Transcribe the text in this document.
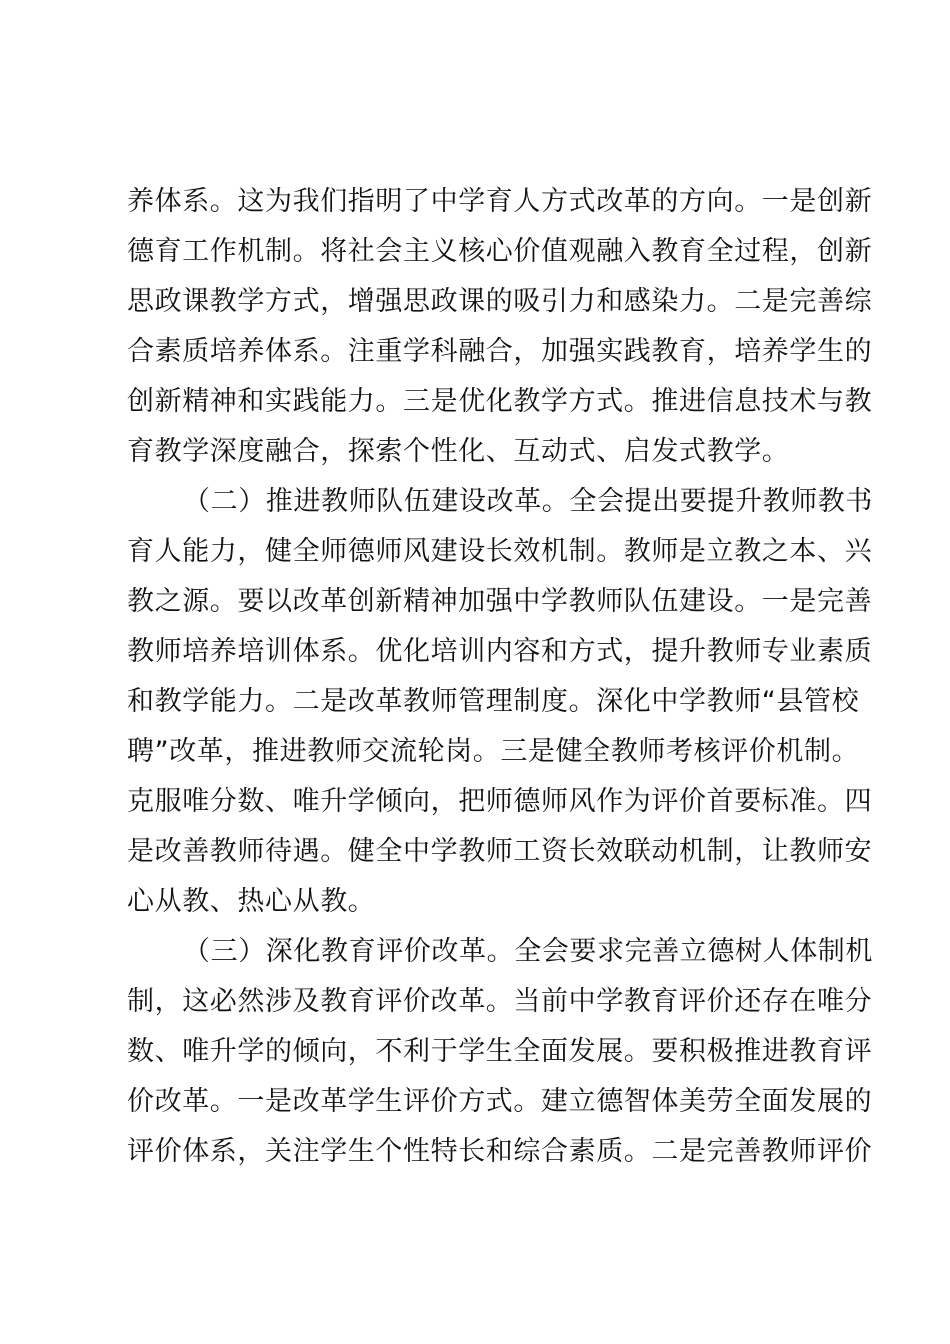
养体系。这为我们指明了中学育人方式改革的方向。一是创新
德育工作机制。将社会主义核心价值观融入教育全过程，创新
思政课教学方式，增强思政课的吸引力和感染力。二是完善综
合素质培养体系。注重学科融合，加强实践教育，培养学生的
创新精神和实践能力。三是优化教学方式。推进信息技术与教
育教学深度融合，探索个性化、互动式、启发式教学。
（二）推进教师队伍建设改革。全会提出要提升教师教书
育人能力，健全师德师风建设长效机制。教师是立教之本、兴
教之源。要以改革创新精神加强中学教师队伍建设。一是完善
教师培养培训体系。优化培训内容和方式，提升教师专业素质
和教学能力。二是改革教师管理制度。深化中学教师“县管校
聘”改革，推进教师交流轮岗。三是健全教师考核评价机制。
克服唯分数、唯升学倾向，把师德师风作为评价首要标准。四
是改善教师待遇。健全中学教师工资长效联动机制，让教师安
心从教、热心从教。
（三）深化教育评价改革。全会要求完善立德树人体制机
制，这必然涉及教育评价改革。当前中学教育评价还存在唯分
数、唯升学的倾向，不利于学生全面发展。要积极推进教育评
价改革。一是改革学生评价方式。建立德智体美劳全面发展的
评价体系，关注学生个性特长和综合素质。二是完善教师评价
